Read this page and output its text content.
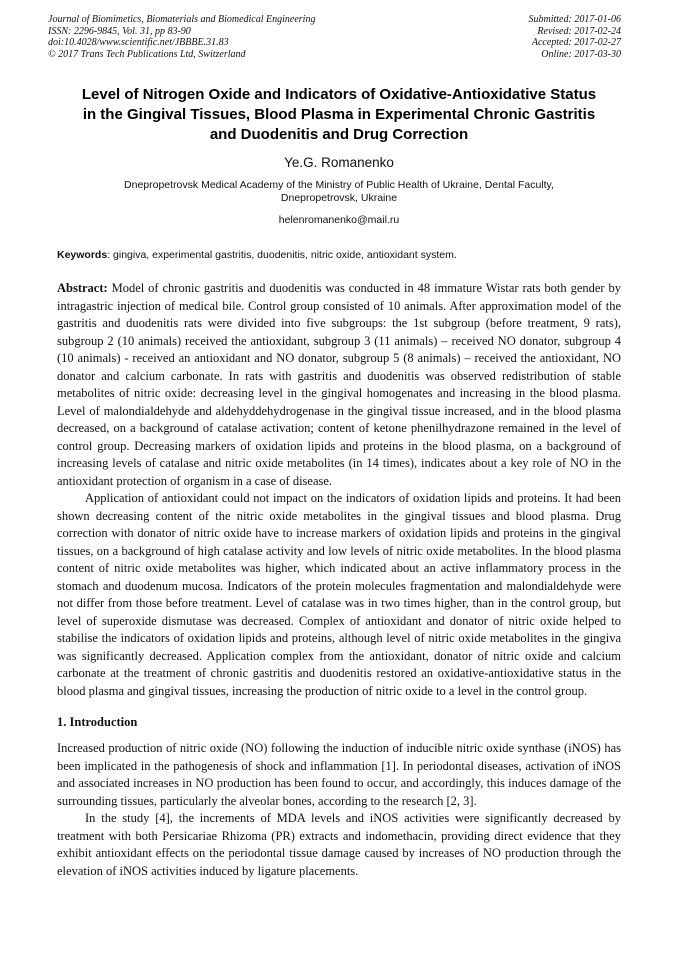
Journal of Biomimetics, Biomaterials and Biomedical Engineering
ISSN: 2296-9845, Vol. 31, pp 83-90
doi:10.4028/www.scientific.net/JBBBE.31.83
© 2017 Trans Tech Publications Ltd, Switzerland
Submitted: 2017-01-06
Revised: 2017-02-24
Accepted: 2017-02-27
Online: 2017-03-30
Level of Nitrogen Oxide and Indicators of Oxidative-Antioxidative Status
in the Gingival Tissues, Blood Plasma in Experimental Chronic Gastritis
and Duodenitis and Drug Correction
Ye.G. Romanenko
Dnepropetrovsk Medical Academy of the Ministry of Public Health of Ukraine, Dental Faculty,
Dnepropetrovsk, Ukraine
helenromanenko@mail.ru
Keywords: gingiva, experimental gastritis, duodenitis, nitric oxide, antioxidant system.

Abstract: Model of chronic gastritis and duodenitis was conducted in 48 immature Wistar rats both gender by intragastric injection of medical bile. Control group consisted of 10 animals. After approximation model of the gastritis and duodenitis rats were divided into five subgroups: the 1st subgroup (before treatment, 9 rats), subgroup 2 (10 animals) received the antioxidant, subgroup 3 (11 animals) – received NO donator, subgroup 4 (10 animals) - received an antioxidant and NO donator, subgroup 5 (8 animals) – received the antioxidant, NO donator and calcium carbonate. In rats with gastritis and duodenitis was observed redistribution of stable metabolites of nitric oxide: decreasing level in the gingival homogenates and increasing in the blood plasma. Level of malondialdehyde and aldehyddehydrogenase in the gingival tissue increased, and in the blood plasma decreased, on a background of catalase activation; content of ketone phenilhydrazone remained in the level of control group. Decreasing markers of oxidation lipids and proteins in the blood plasma, on a background of increasing levels of catalase and nitric oxide metabolites (in 14 times), indicates about a key role of NO in the antioxidant protection of organism in a case of disease.

Application of antioxidant could not impact on the indicators of oxidation lipids and proteins. It had been shown decreasing content of the nitric oxide metabolites in the gingival tissues and blood plasma. Drug correction with donator of nitric oxide have to increase markers of oxidation lipids and proteins in the gingival tissues, on a background of high catalase activity and low levels of nitric oxide metabolites. In the blood plasma content of nitric oxide metabolites was higher, which indicated about an active inflammatory process in the stomach and duodenum mucosa. Indicators of the protein molecules fragmentation and malondialdehyde were not differ from those before treatment. Level of catalase was in two times higher, than in the control group, but level of superoxide dismutase was decreased. Complex of antioxidant and donator of nitric oxide helped to stabilise the indicators of oxidation lipids and proteins, although level of nitric oxide metabolites in the gingiva was significantly decreased. Application complex from the antioxidant, donator of nitric oxide and calcium carbonate at the treatment of chronic gastritis and duodenitis restored an oxidative-antioxidative status in the blood plasma and gingival tissues, increasing the production of nitric oxide to a level in the control group.

1. Introduction

Increased production of nitric oxide (NO) following the induction of inducible nitric oxide synthase (iNOS) has been implicated in the pathogenesis of shock and inflammation [1]. In periodontal diseases, activation of iNOS and associated increases in NO production has been found to occur, and accordingly, this induces damage of the surrounding tissues, particularly the alveolar bones, according to the research [2, 3].

In the study [4], the increments of MDA levels and iNOS activities were significantly decreased by treatment with both Persicariae Rhizoma (PR) extracts and indomethacin, providing direct evidence that they exhibit antioxidant effects on the periodontal tissue damage caused by increases of NO production through the elevation of iNOS activities induced by ligature placements.
